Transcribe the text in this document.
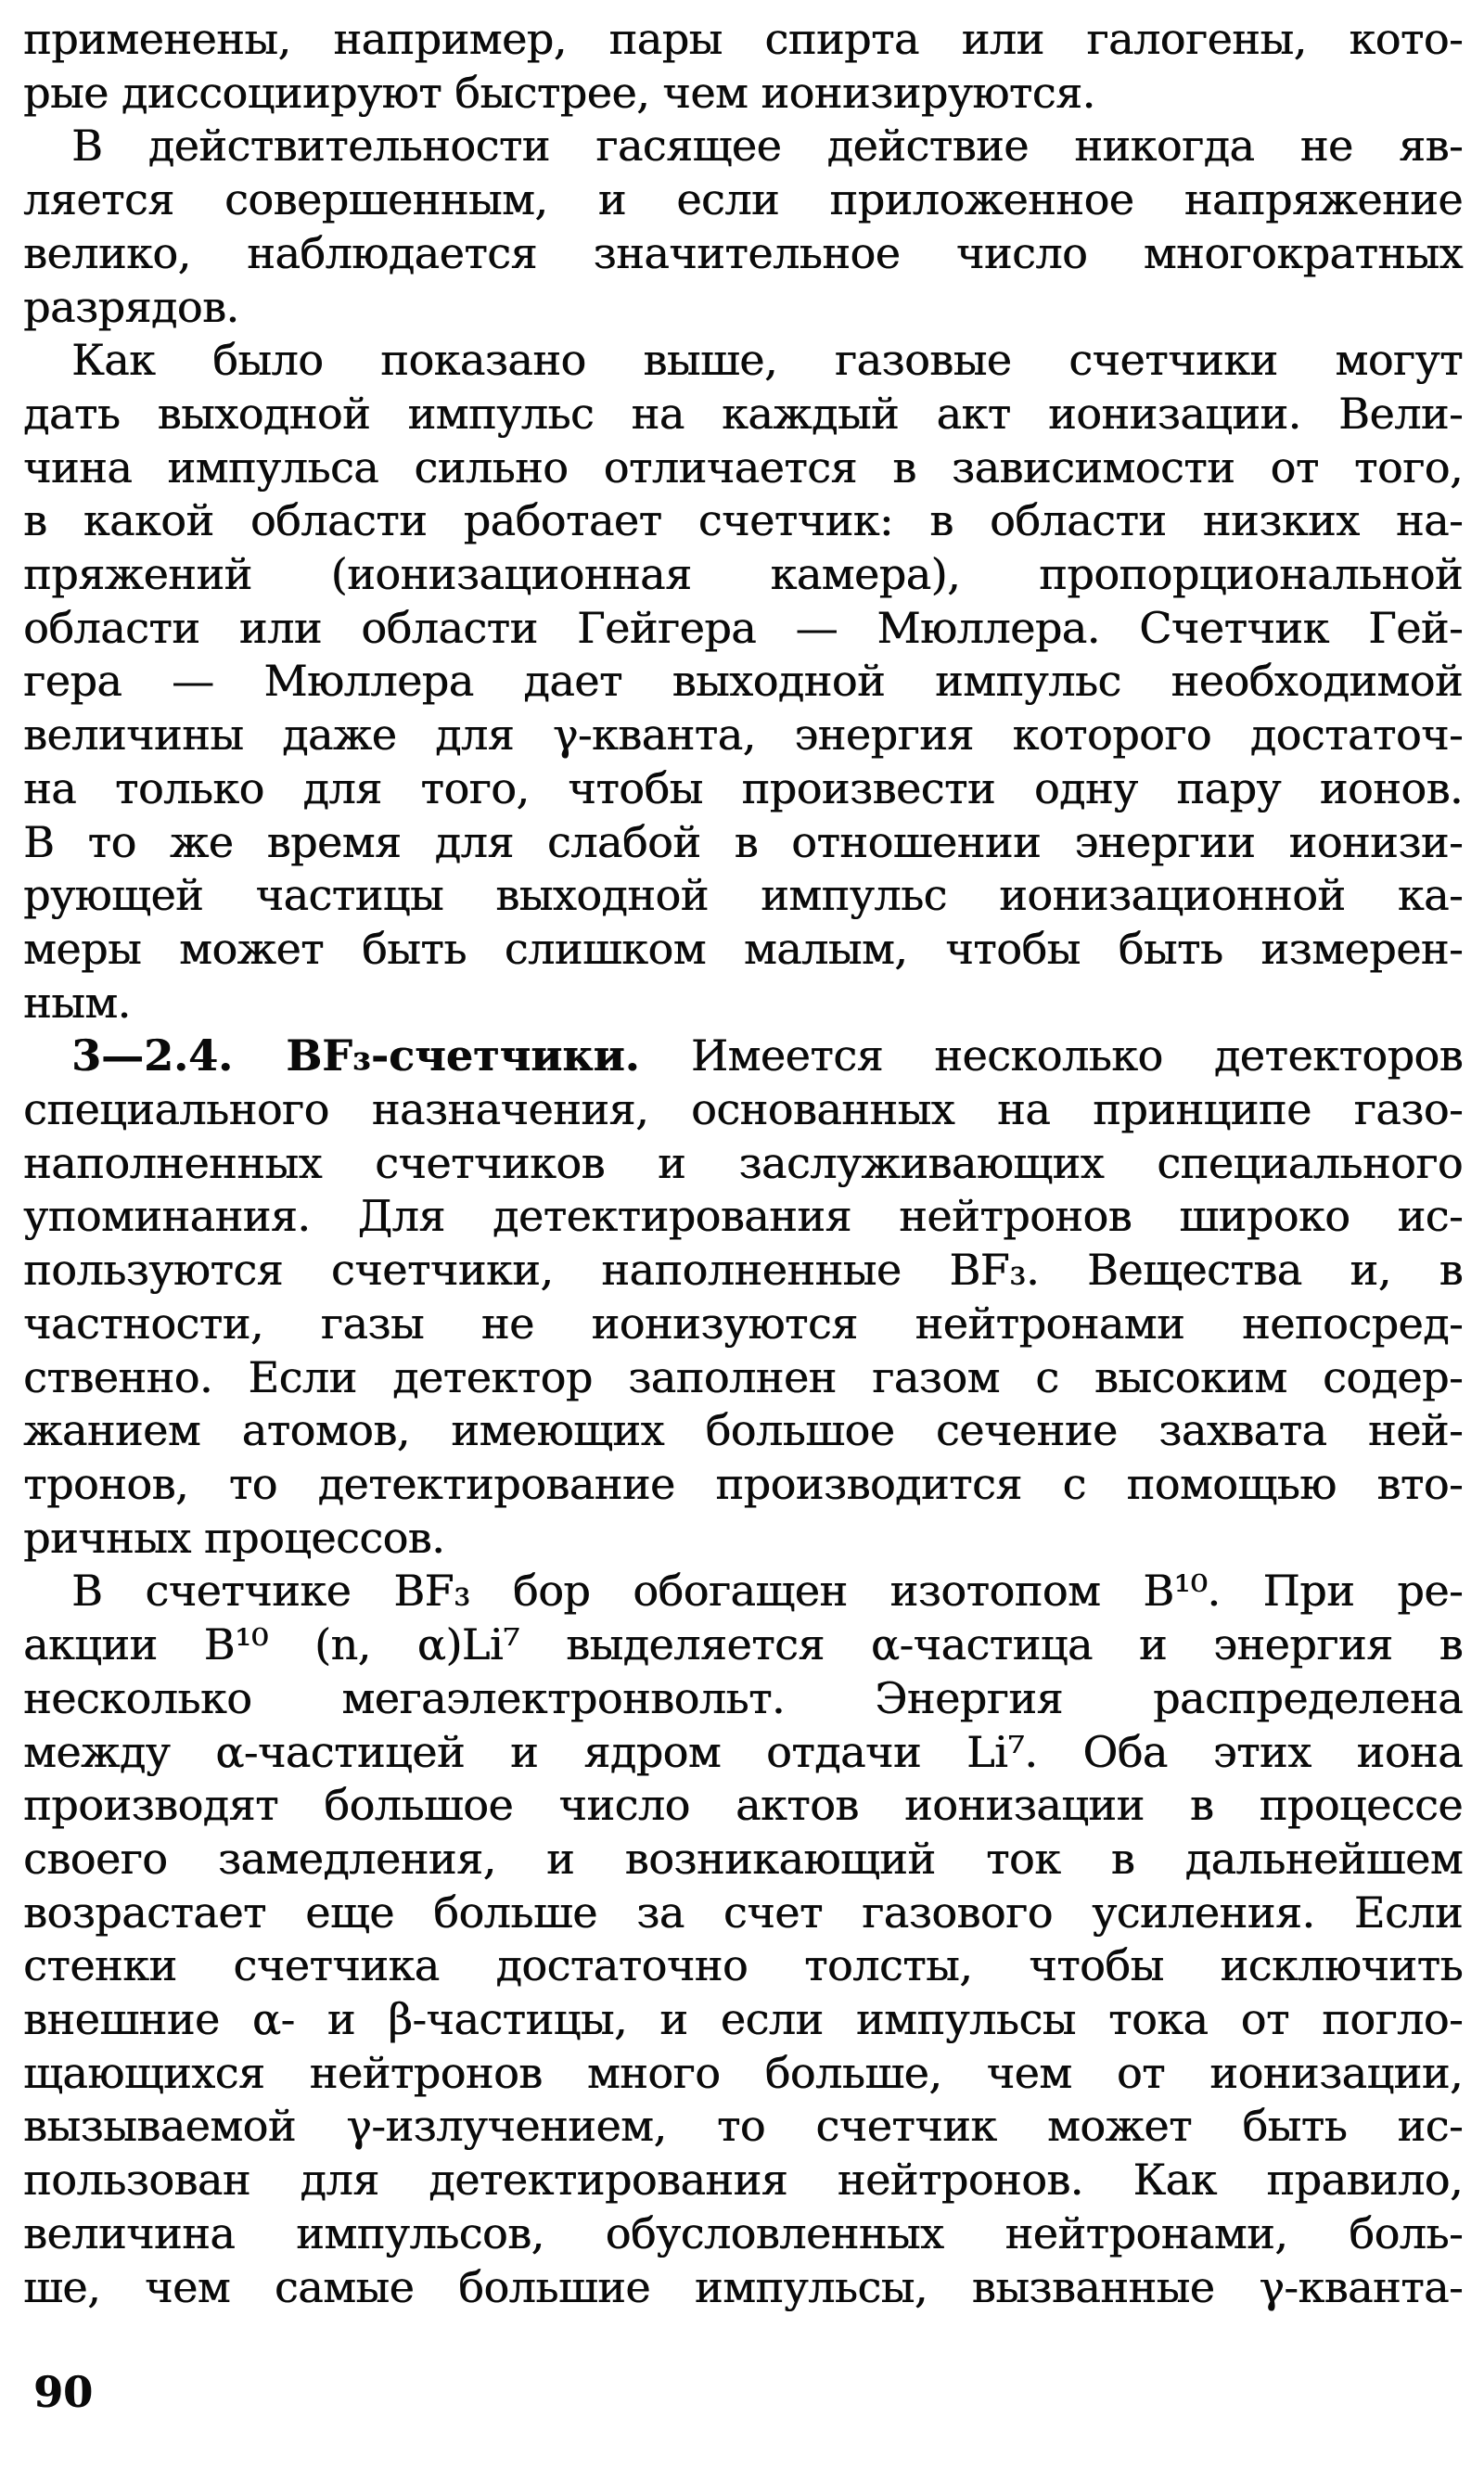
применены, например, пары спирта или галогены, кото-
рые диссоциируют быстрее, чем ионизируются.
В действительности гасящее действие никогда не яв-
ляется совершенным, и если приложенное напряжение
велико, наблюдается значительное число многократных
разрядов.
Как было показано выше, газовые счетчики могут
дать выходной импульс на каждый акт ионизации. Вели-
чина импульса сильно отличается в зависимости от того,
в какой области работает счетчик: в области низких на-
пряжений (ионизационная камера), пропорциональной
области или области Гейгера — Мюллера. Счетчик Гей-
гера — Мюллера дает выходной импульс необходимой
величины даже для γ-кванта, энергия которого достаточ-
на только для того, чтобы произвести одну пару ионов.
В то же время для слабой в отношении энергии ионизи-
рующей частицы выходной импульс ионизационной ка-
меры может быть слишком малым, чтобы быть измерен-
ным.
3—2.4. BF₃-счетчики. Имеется несколько детекторов
специального назначения, основанных на принципе газо-
наполненных счетчиков и заслуживающих специального
упоминания. Для детектирования нейтронов широко ис-
пользуются счетчики, наполненные BF₃. Вещества и, в
частности, газы не ионизуются нейтронами непосред-
ственно. Если детектор заполнен газом с высоким содер-
жанием атомов, имеющих большое сечение захвата ней-
тронов, то детектирование производится с помощью вто-
ричных процессов.
В счетчике BF₃ бор обогащен изотопом B¹⁰. При ре-
акции B¹⁰ (n, α)Li⁷ выделяется α-частица и энергия в
несколько мегаэлектронвольт. Энергия распределена
между α-частицей и ядром отдачи Li⁷. Оба этих иона
производят большое число актов ионизации в процессе
своего замедления, и возникающий ток в дальнейшем
возрастает еще больше за счет газового усиления. Если
стенки счетчика достаточно толсты, чтобы исключить
внешние α- и β-частицы, и если импульсы тока от погло-
щающихся нейтронов много больше, чем от ионизации,
вызываемой γ-излучением, то счетчик может быть ис-
пользован для детектирования нейтронов. Как правило,
величина импульсов, обусловленных нейтронами, боль-
ше, чем самые большие импульсы, вызванные γ-кванта-
90
